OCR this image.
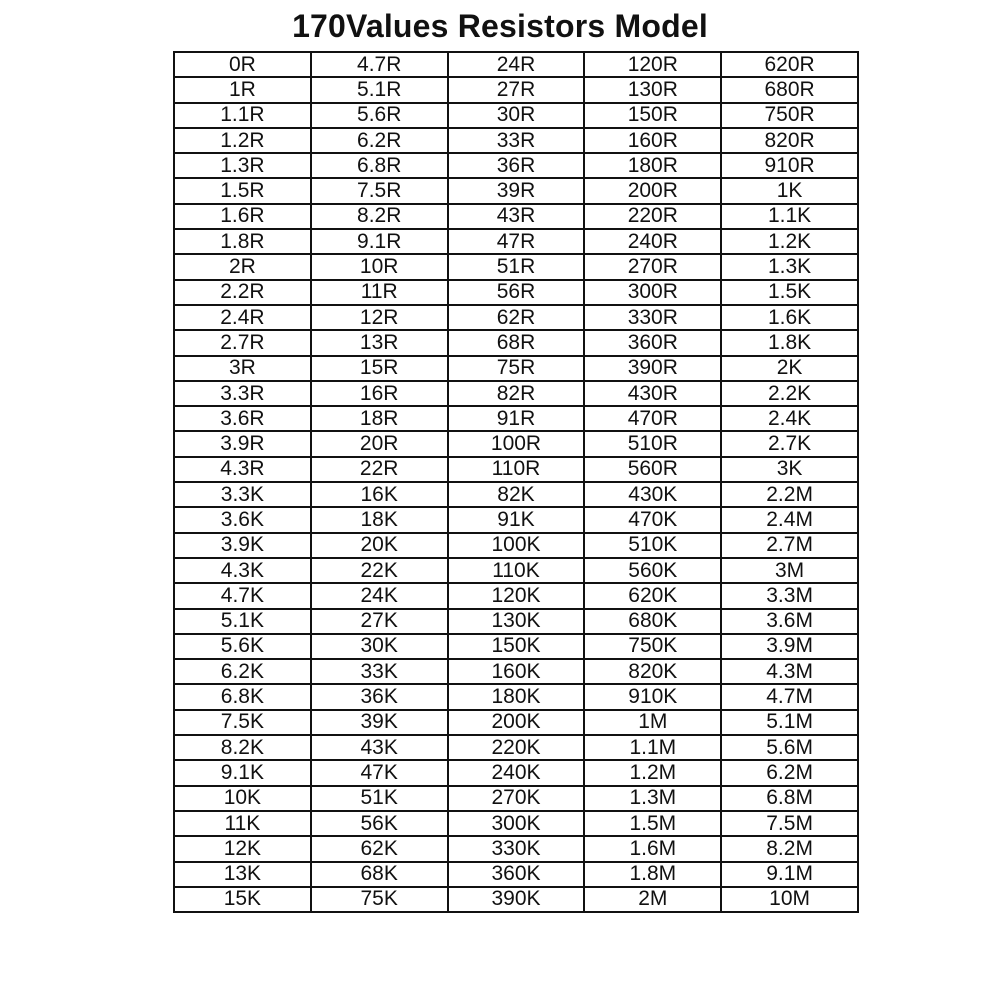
170Values Resistors Model
0R	4.7R	24R	120R	620R
1R	5.1R	27R	130R	680R
1.1R	5.6R	30R	150R	750R
1.2R	6.2R	33R	160R	820R
1.3R	6.8R	36R	180R	910R
1.5R	7.5R	39R	200R	1K
1.6R	8.2R	43R	220R	1.1K
1.8R	9.1R	47R	240R	1.2K
2R	10R	51R	270R	1.3K
2.2R	11R	56R	300R	1.5K
2.4R	12R	62R	330R	1.6K
2.7R	13R	68R	360R	1.8K
3R	15R	75R	390R	2K
3.3R	16R	82R	430R	2.2K
3.6R	18R	91R	470R	2.4K
3.9R	20R	100R	510R	2.7K
4.3R	22R	110R	560R	3K
3.3K	16K	82K	430K	2.2M
3.6K	18K	91K	470K	2.4M
3.9K	20K	100K	510K	2.7M
4.3K	22K	110K	560K	3M
4.7K	24K	120K	620K	3.3M
5.1K	27K	130K	680K	3.6M
5.6K	30K	150K	750K	3.9M
6.2K	33K	160K	820K	4.3M
6.8K	36K	180K	910K	4.7M
7.5K	39K	200K	1M	5.1M
8.2K	43K	220K	1.1M	5.6M
9.1K	47K	240K	1.2M	6.2M
10K	51K	270K	1.3M	6.8M
11K	56K	300K	1.5M	7.5M
12K	62K	330K	1.6M	8.2M
13K	68K	360K	1.8M	9.1M
15K	75K	390K	2M	10M
